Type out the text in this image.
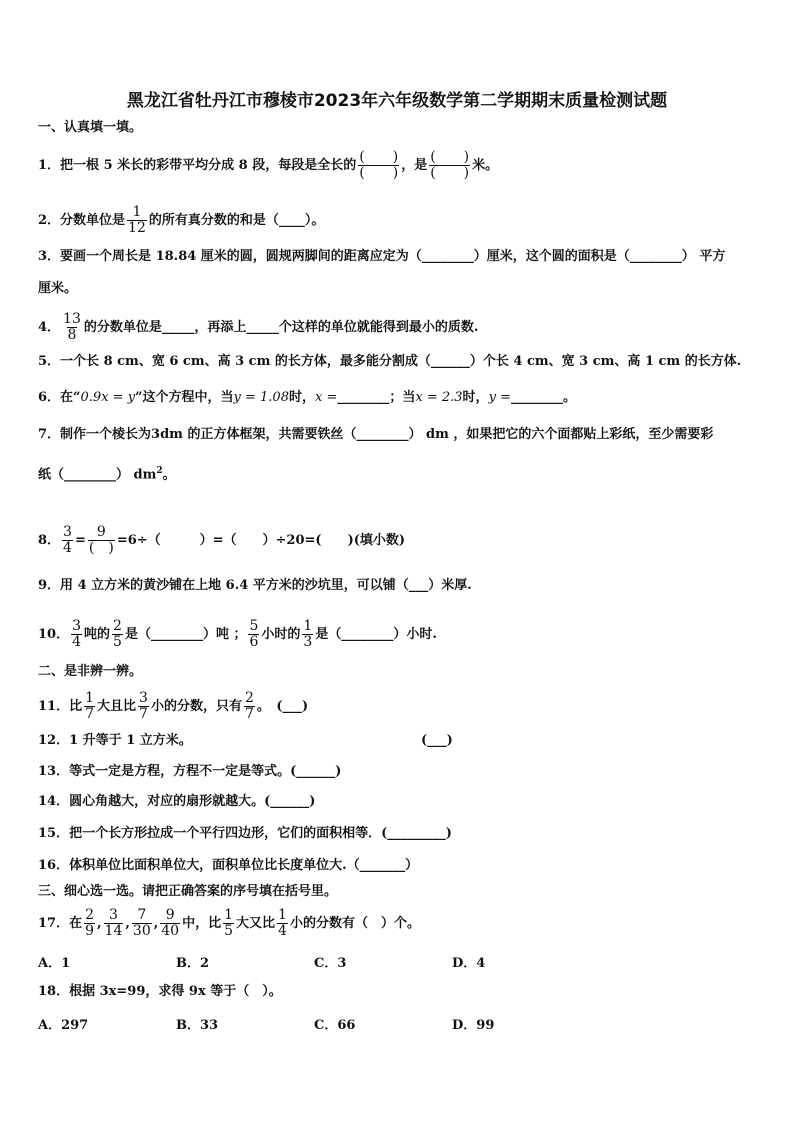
黑龙江省牡丹江市穆棱市2023年六年级数学第二学期期末质量检测试题
一、认真填一填。
1．把一根 5 米长的彩带平均分成 8 段，每段是全长的 $\frac{( )}{( )}$ ，是 $\frac{( )}{( )}$ 米。
2．分数单位是 $\frac{1}{12}$ 的所有真分数的和是（____）。
3．要画一个周长是 18.84 厘米的圆，圆规两脚间的距离应定为（________）厘米，这个圆的面积是（________） 平方
厘米。
4． $\frac{13}{8}$ 的分数单位是_____，再添上_____个这样的单位就能得到最小的质数.
5．一个长 8 cm、宽 6 cm、高 3 cm 的长方体，最多能分割成（______）个长 4 cm、宽 3 cm、高 1 cm 的长方体.
6．在“0.9x = y”这个方程中，当y = 1.08时，x =________；当x = 2.3时，y =________。
7．制作一个棱长为3dm 的正方体框架，共需要铁丝（________） dm ，如果把它的六个面都贴上彩纸，至少需要彩
纸（________） $dm^2$。
8． $\frac{3}{4} = \frac{9}{( )} =6\div$（　　　）=（　　）÷20=(　　)(填小数)
9．用 4 立方米的黄沙铺在上地 6.4 平方米的沙坑里，可以铺（___）米厚.
10． $\frac{3}{4}$ 吨的 $\frac{2}{5}$ 是（________）吨 ； $\frac{5}{6}$ 小时的 $\frac{1}{3}$ 是（________）小时.
二、是非辨一辨。
11．比 $\frac{1}{7}$ 大且比 $\frac{3}{7}$ 小的分数，只有 $\frac{2}{7}$ 。　(___)
12．1 升等于 1 立方米。	(___)
13．等式一定是方程，方程不一定是等式。(______)
14．圆心角越大，对应的扇形就越大。(______)
15．把一个长方形拉成一个平行四边形，它们的面积相等．(_________)
16．体积单位比面积单位大，面积单位比长度单位大.（_______）
三、细心选一选。请把正确答案的序号填在括号里。
17．在 $\frac{2}{9}$ , $\frac{3}{14}$ , $\frac{7}{30}$ , $\frac{9}{40}$ 中，比 $\frac{1}{5}$ 大又比 $\frac{1}{4}$ 小的分数有（　）个。
A．1	B．2	C．3	D．4
18．根据 3x=99，求得 9x 等于（　）。
A．297	B．33	C．66	D．99
